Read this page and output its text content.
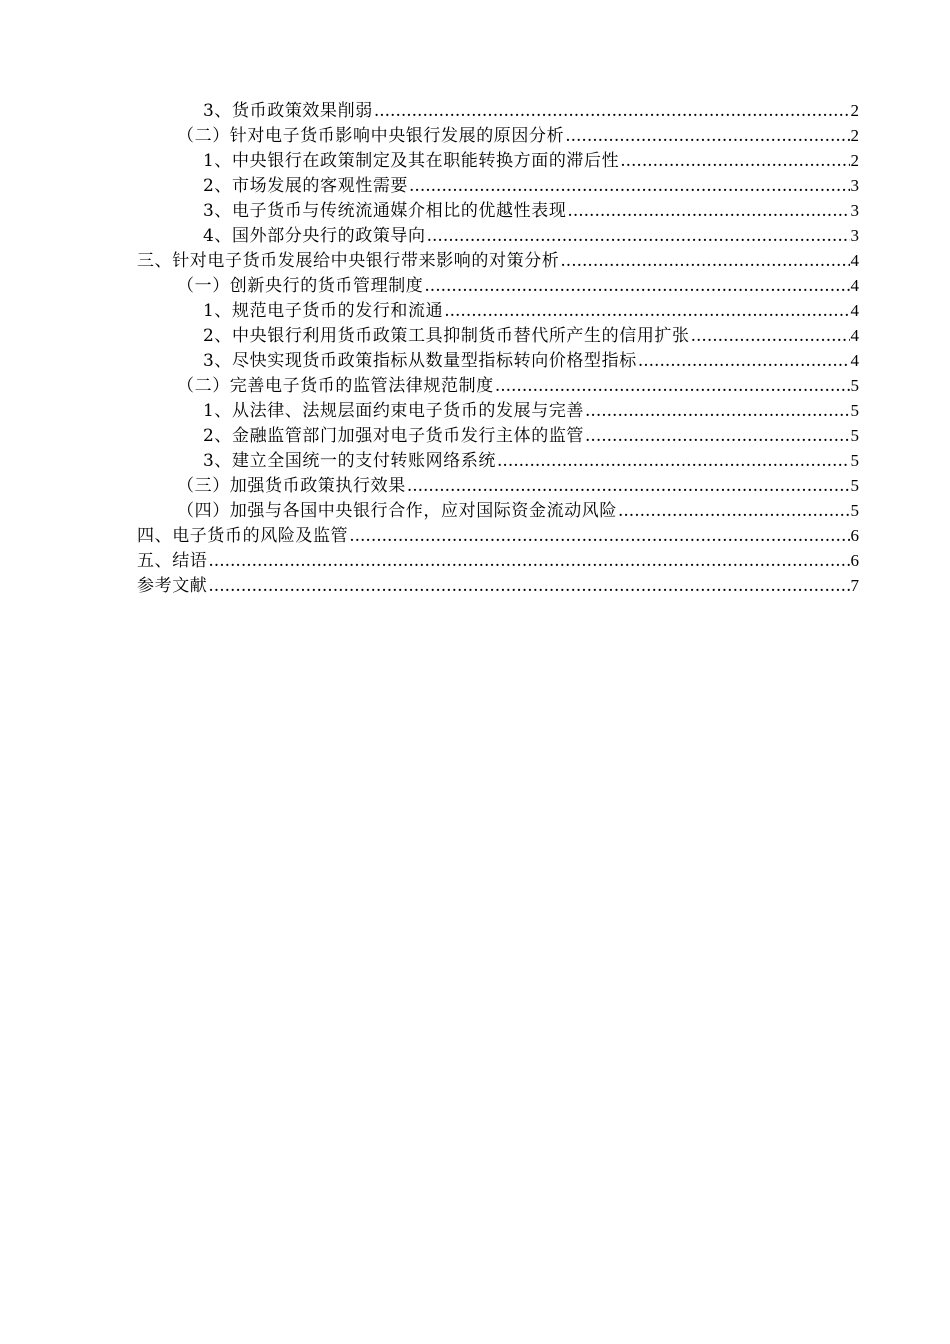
3、货币政策效果削弱 .....	2
（二）针对电子货币影响中央银行发展的原因分析 .....	2
1、中央银行在政策制定及其在职能转换方面的滞后性 .....	2
2、市场发展的客观性需要 .....	3
3、电子货币与传统流通媒介相比的优越性表现 .....	3
4、国外部分央行的政策导向 .....	3
三、针对电子货币发展给中央银行带来影响的对策分析 .....	4
（一）创新央行的货币管理制度 .....	4
1、规范电子货币的发行和流通 .....	4
2、中央银行利用货币政策工具抑制货币替代所产生的信用扩张 .....	4
3、尽快实现货币政策指标从数量型指标转向价格型指标 .....	4
（二）完善电子货币的监管法律规范制度 .....	5
1、从法律、法规层面约束电子货币的发展与完善 .....	5
2、金融监管部门加强对电子货币发行主体的监管 .....	5
3、建立全国统一的支付转账网络系统 .....	5
（三）加强货币政策执行效果 .....	5
（四）加强与各国中央银行合作，应对国际资金流动风险 .....	5
四、电子货币的风险及监管 .....	6
五、结语 .....	6
参考文献 .....	7
